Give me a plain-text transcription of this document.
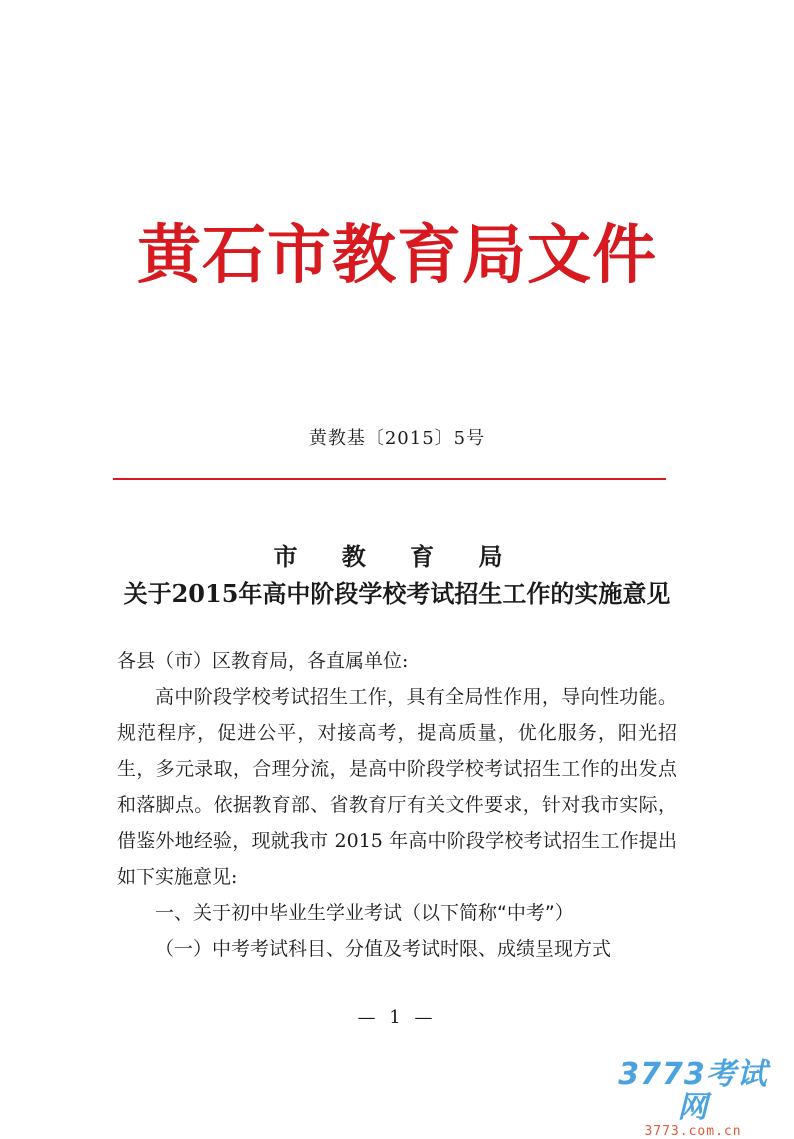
黄石市教育局文件
黄教基〔2015〕5号
市 教 育 局
关于2015年高中阶段学校考试招生工作的实施意见

各县（市）区教育局，各直属单位:

高中阶段学校考试招生工作，具有全局性作用，导向性功能。规范程序，促进公平，对接高考，提高质量，优化服务，阳光招生，多元录取，合理分流，是高中阶段学校考试招生工作的出发点和落脚点。依据教育部、省教育厅有关文件要求，针对我市实际，借鉴外地经验，现就我市 2015 年高中阶段学校考试招生工作提出如下实施意见:

一、关于初中毕业生学业考试（以下简称“中考”）

（一）中考考试科目、分值及考试时限、成绩呈现方式

— 1 —
3773考试网
3773.com.cn
